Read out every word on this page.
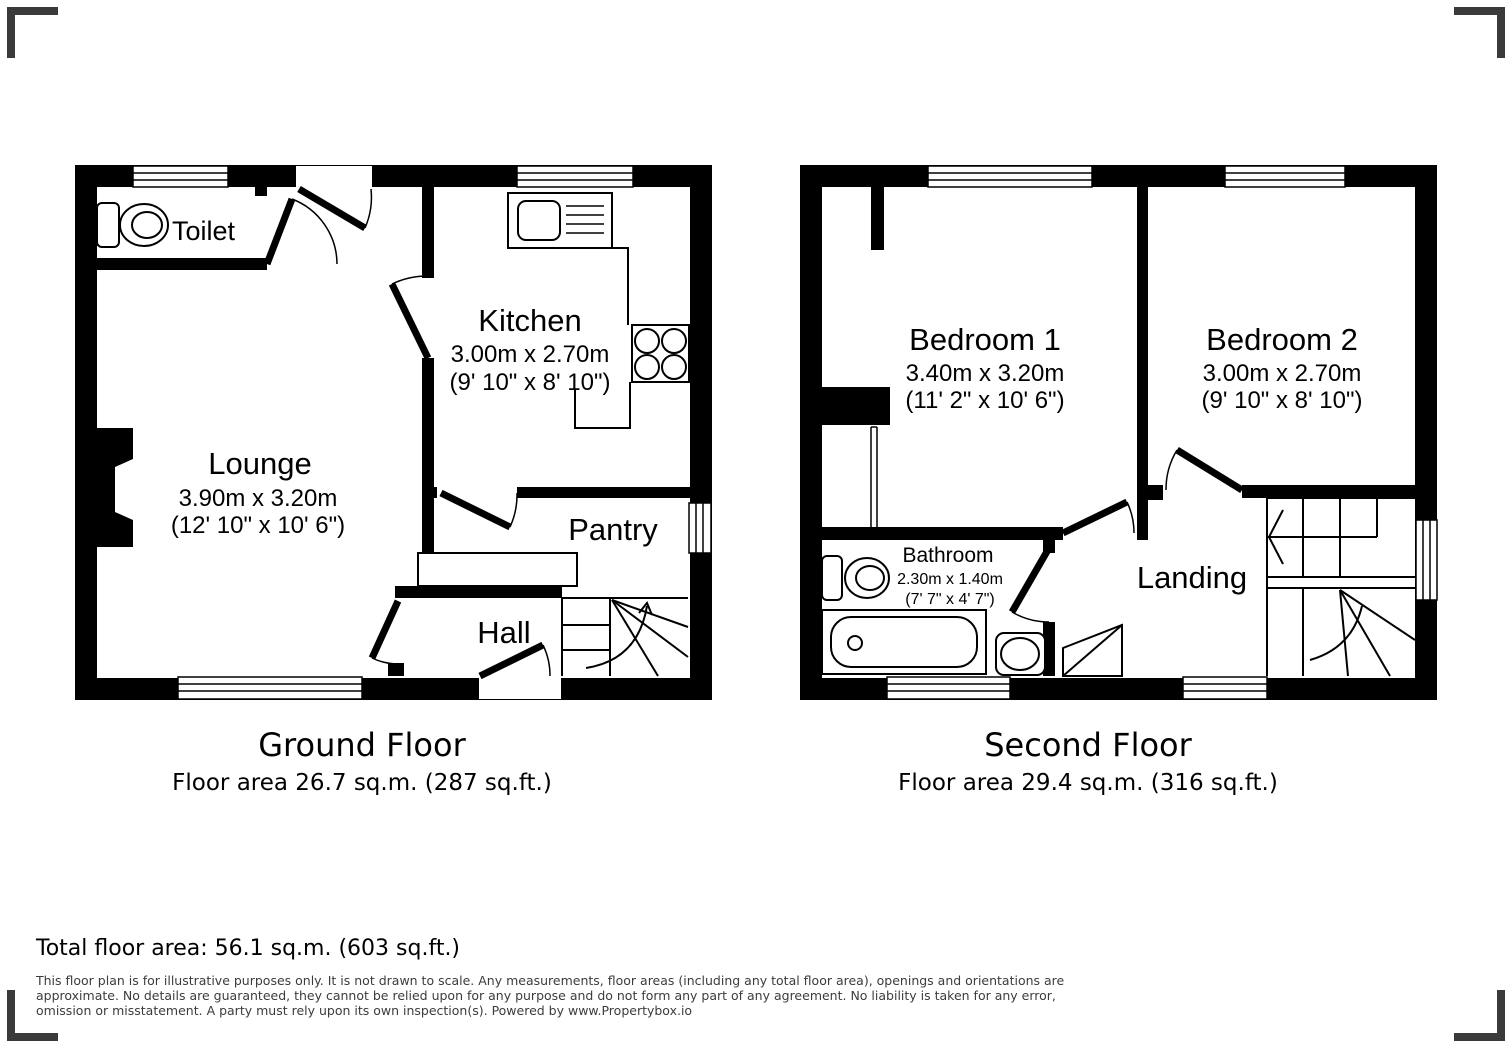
Toilet
Kitchen
3.00m x 2.70m
(9' 10" x 8' 10")
Lounge
3.90m x 3.20m
(12' 10" x 10' 6")	Pantry
Hall
Bedroom 1
3.40m x 3.20m
(11' 2" x 10' 6")
Bedroom 2
3.00m x 2.70m
(9' 10" x 8' 10")
Bathroom
2.30m x 1.40m
(7' 7" x 4' 7")
Landing
Ground Floor
Floor area 26.7 sq.m. (287 sq.ft.)
Second Floor
Floor area 29.4 sq.m. (316 sq.ft.)
Total floor area: 56.1 sq.m. (603 sq.ft.)
This floor plan is for illustrative purposes only. It is not drawn to scale. Any measurements, floor areas (including any total floor area), openings and orientations are
approximate. No details are guaranteed, they cannot be relied upon for any purpose and do not form any part of any agreement. No liability is taken for any error,
omission or misstatement. A party must rely upon its own inspection(s). Powered by www.Propertybox.io
